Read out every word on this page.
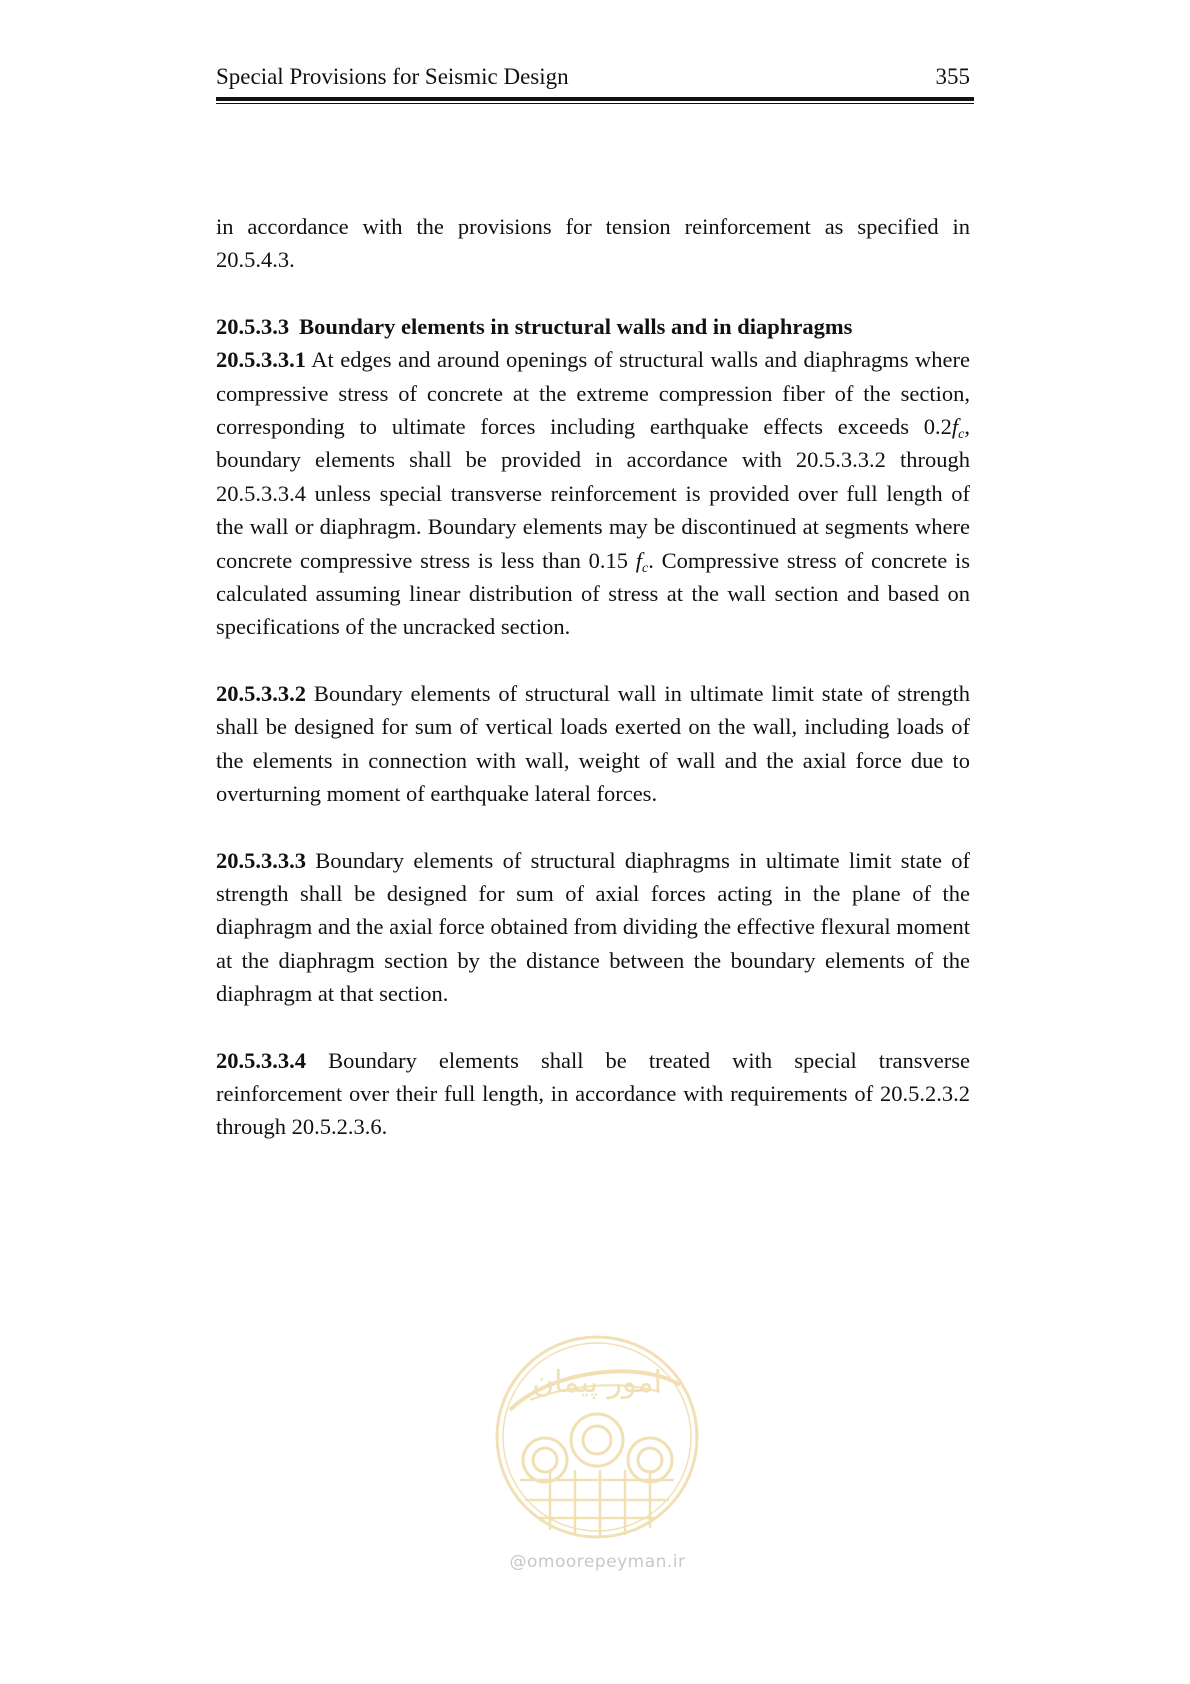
Special Provisions for Seismic Design	355

in accordance with the provisions for tension reinforcement as specified in 20.5.4.3.

20.5.3.3 Boundary elements in structural walls and in diaphragms

20.5.3.3.1 At edges and around openings of structural walls and diaphragms where compressive stress of concrete at the extreme compression fiber of the section, corresponding to ultimate forces including earthquake effects exceeds $0.2f_c$, boundary elements shall be provided in accordance with 20.5.3.3.2 through 20.5.3.3.4 unless special transverse reinforcement is provided over full length of the wall or diaphragm. Boundary elements may be discontinued at segments where concrete compressive stress is less than 0.15 $f_c$. Compressive stress of concrete is calculated assuming linear distribution of stress at the wall section and based on specifications of the uncracked section.

20.5.3.3.2 Boundary elements of structural wall in ultimate limit state of strength shall be designed for sum of vertical loads exerted on the wall, including loads of the elements in connection with wall, weight of wall and the axial force due to overturning moment of earthquake lateral forces.

20.5.3.3.3 Boundary elements of structural diaphragms in ultimate limit state of strength shall be designed for sum of axial forces acting in the plane of the diaphragm and the axial force obtained from dividing the effective flexural moment at the diaphragm section by the distance between the boundary elements of the diaphragm at that section.

20.5.3.3.4 Boundary elements shall be treated with special transverse reinforcement over their full length, in accordance with requirements of 20.5.2.3.2 through 20.5.2.3.6.

امور پیمان
@omoorepeyman.ir
